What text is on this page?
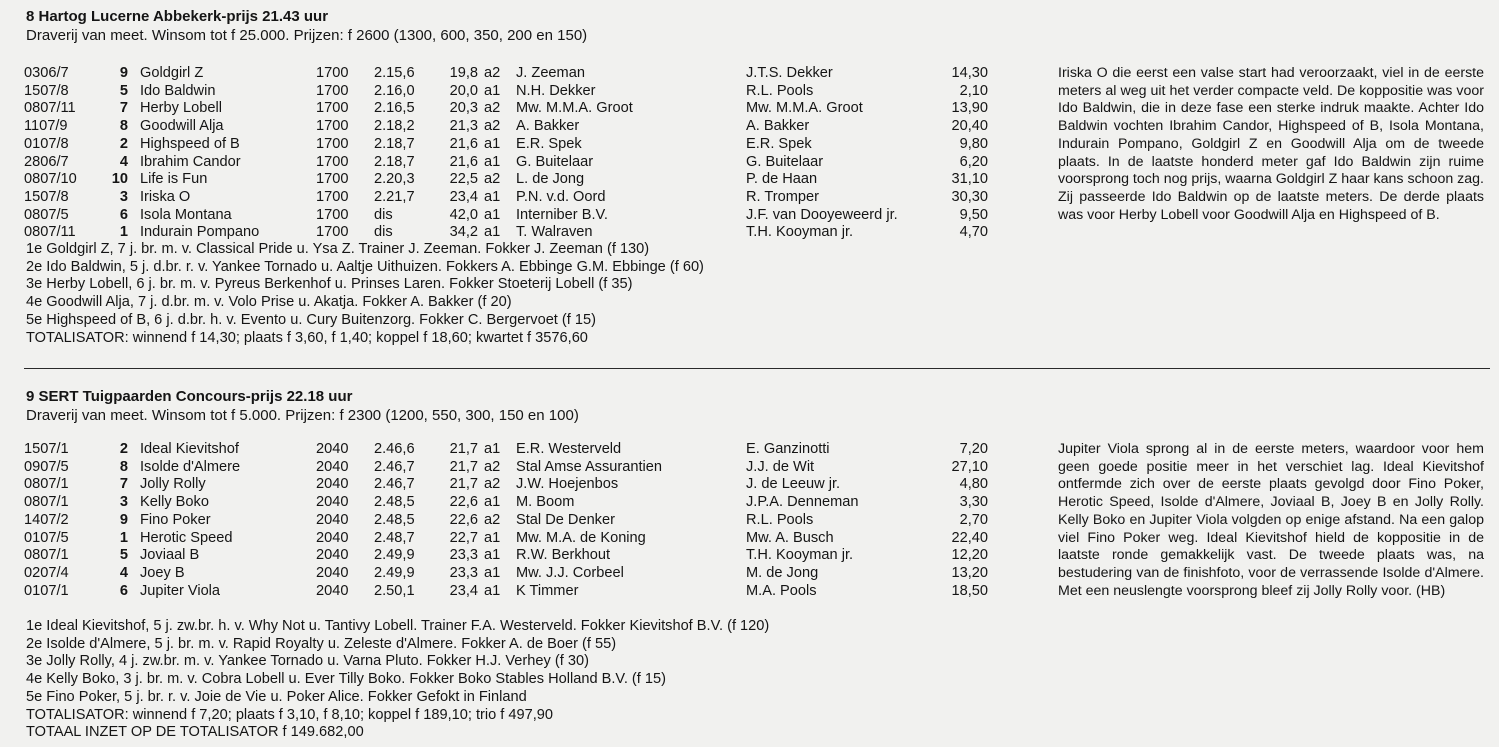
8 Hartog Lucerne Abbekerk-prijs 21.43 uur
Draverij van meet. Winsom tot f 25.000. Prijzen: f 2600 (1300, 600, 350, 200 en 150)
0306/7	9	Goldgirl Z	1700	2.15,6	19,8	a2	J. Zeeman	J.T.S. Dekker	14,30
1507/8	5	Ido Baldwin	1700	2.16,0	20,0	a1	N.H. Dekker	R.L. Pools	2,10
0807/11	7	Herby Lobell	1700	2.16,5	20,3	a2	Mw. M.M.A. Groot	Mw. M.M.A. Groot	13,90
1107/9	8	Goodwill Alja	1700	2.18,2	21,3	a2	A. Bakker	A. Bakker	20,40
0107/8	2	Highspeed of B	1700	2.18,7	21,6	a1	E.R. Spek	E.R. Spek	9,80
2806/7	4	Ibrahim Candor	1700	2.18,7	21,6	a1	G. Buitelaar	G. Buitelaar	6,20
0807/10	10	Life is Fun	1700	2.20,3	22,5	a2	L. de Jong	P. de Haan	31,10
1507/8	3	Iriska O	1700	2.21,7	23,4	a1	P.N. v.d. Oord	R. Tromper	30,30
0807/5	6	Isola Montana	1700	dis	42,0	a1	Interniber B.V.	J.F. van Dooyeweerd jr.	9,50
0807/11	1	Indurain Pompano	1700	dis	34,2	a1	T. Walraven	T.H. Kooyman jr.	4,70
1e Goldgirl Z, 7 j. br. m. v. Classical Pride u. Ysa Z. Trainer J. Zeeman. Fokker J. Zeeman (f 130)
2e Ido Baldwin, 5 j. d.br. r. v. Yankee Tornado u. Aaltje Uithuizen. Fokkers A. Ebbinge G.M. Ebbinge (f 60)
3e Herby Lobell, 6 j. br. m. v. Pyreus Berkenhof u. Prinses Laren. Fokker Stoeterij Lobell (f 35)
4e Goodwill Alja, 7 j. d.br. m. v. Volo Prise u. Akatja. Fokker A. Bakker (f 20)
5e Highspeed of B, 6 j. d.br. h. v. Evento u. Cury Buitenzorg. Fokker C. Bergervoet (f 15)
TOTALISATOR: winnend f 14,30; plaats f 3,60, f 1,40; koppel f 18,60; kwartet f 3576,60
Iriska O die eerst een valse start had veroorzaakt, viel in de eerste meters al weg uit het verder compacte veld. De koppositie was voor Ido Baldwin, die in deze fase een sterke indruk maakte. Achter Ido Baldwin vochten Ibrahim Candor, Highspeed of B, Isola Montana, Indurain Pompano, Goldgirl Z en Goodwill Alja om de tweede plaats. In de laatste honderd meter gaf Ido Baldwin zijn ruime voorsprong toch nog prijs, waarna Goldgirl Z haar kans schoon zag. Zij passeerde Ido Baldwin op de laatste meters. De derde plaats was voor Herby Lobell voor Goodwill Alja en Highspeed of B.
9 SERT Tuigpaarden Concours-prijs 22.18 uur
Draverij van meet. Winsom tot f 5.000. Prijzen: f 2300 (1200, 550, 300, 150 en 100)
1507/1	2	Ideal Kievitshof	2040	2.46,6	21,7	a1	E.R. Westerveld	E. Ganzinotti	7,20
0907/5	8	Isolde d'Almere	2040	2.46,7	21,7	a2	Stal Amse Assurantien	J.J. de Wit	27,10
0807/1	7	Jolly Rolly	2040	2.46,7	21,7	a2	J.W. Hoejenbos	J. de Leeuw jr.	4,80
0807/1	3	Kelly Boko	2040	2.48,5	22,6	a1	M. Boom	J.P.A. Denneman	3,30
1407/2	9	Fino Poker	2040	2.48,5	22,6	a2	Stal De Denker	R.L. Pools	2,70
0107/5	1	Herotic Speed	2040	2.48,7	22,7	a1	Mw. M.A. de Koning	Mw. A. Busch	22,40
0807/1	5	Joviaal B	2040	2.49,9	23,3	a1	R.W. Berkhout	T.H. Kooyman jr.	12,20
0207/4	4	Joey B	2040	2.49,9	23,3	a1	Mw. J.J. Corbeel	M. de Jong	13,20
0107/1	6	Jupiter Viola	2040	2.50,1	23,4	a1	K Timmer	M.A. Pools	18,50
1e Ideal Kievitshof, 5 j. zw.br. h. v. Why Not u. Tantivy Lobell. Trainer F.A. Westerveld. Fokker Kievitshof B.V. (f 120)
2e Isolde d'Almere, 5 j. br. m. v. Rapid Royalty u. Zeleste d'Almere. Fokker A. de Boer (f 55)
3e Jolly Rolly, 4 j. zw.br. m. v. Yankee Tornado u. Varna Pluto. Fokker H.J. Verhey (f 30)
4e Kelly Boko, 3 j. br. m. v. Cobra Lobell u. Ever Tilly Boko. Fokker Boko Stables Holland B.V. (f 15)
5e Fino Poker, 5 j. br. r. v. Joie de Vie u. Poker Alice. Fokker Gefokt in Finland
TOTALISATOR: winnend f 7,20; plaats f 3,10, f 8,10; koppel f 189,10; trio f 497,90
TOTAAL INZET OP DE TOTALISATOR f 149.682,00
Jupiter Viola sprong al in de eerste meters, waardoor voor hem geen goede positie meer in het verschiet lag. Ideal Kievitshof ontfermde zich over de eerste plaats gevolgd door Fino Poker, Herotic Speed, Isolde d'Almere, Joviaal B, Joey B en Jolly Rolly. Kelly Boko en Jupiter Viola volgden op enige afstand. Na een galop viel Fino Poker weg. Ideal Kievitshof hield de koppositie in de laatste ronde gemakkelijk vast. De tweede plaats was, na bestudering van de finishfoto, voor de verrassende Isolde d'Almere. Met een neuslengte voorsprong bleef zij Jolly Rolly voor. (HB)
